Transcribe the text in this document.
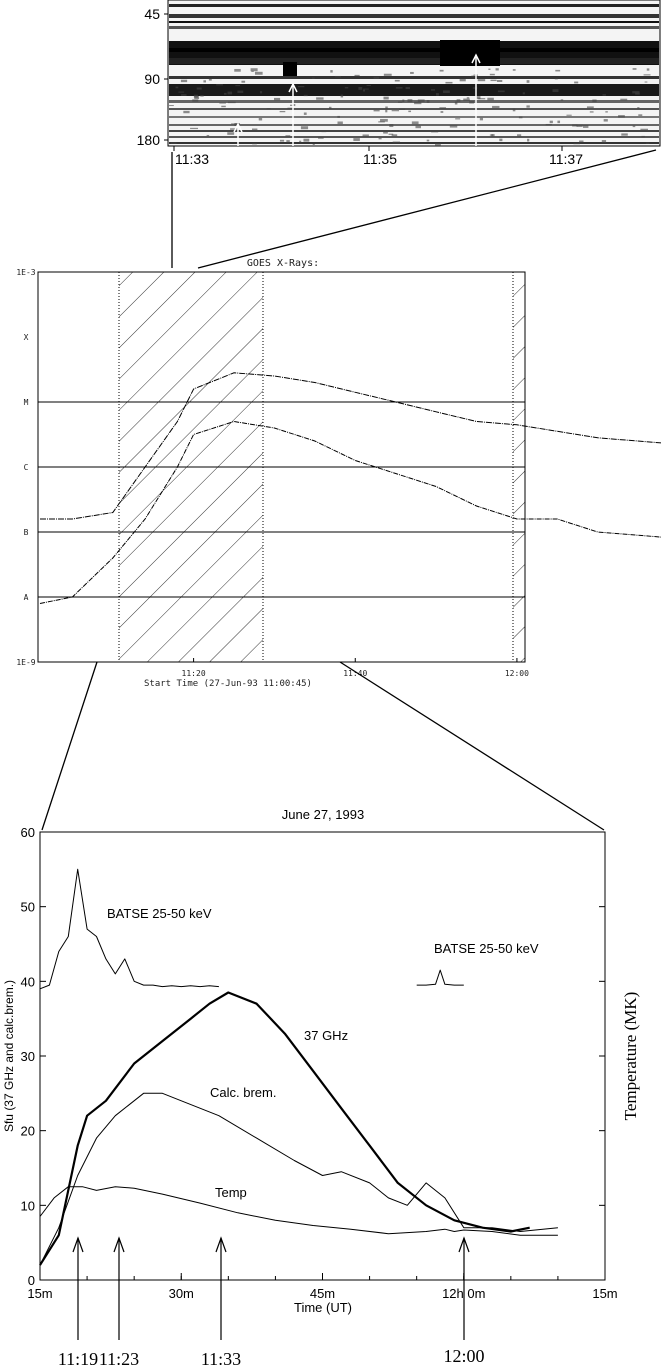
45
90
180
11:33	11:35	11:37
GOES X-Rays:
1E-3
X
M
C
B
A
1E-9
11:20	11:40	12:00
Start Time (27-Jun-93 11:00:45)
June 27, 1993
0
10
20
30
40
50
60
15m	30m	45m	12h 0m	15m
BATSE 25-50 keV
BATSE 25-50 keV
37 GHz
Calc. brem.
Temp
Time (UT)
Sfu (37 GHz and calc.brem.)	Temperature (MK)
11:19 11:23	11:33	12:00
